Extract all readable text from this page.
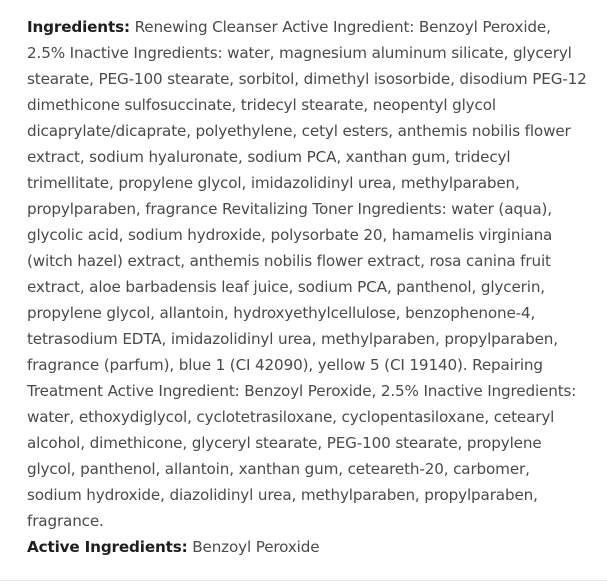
Ingredients: Renewing Cleanser Active Ingredient: Benzoyl Peroxide, 2.5% Inactive Ingredients: water, magnesium aluminum silicate, glyceryl stearate, PEG-100 stearate, sorbitol, dimethyl isosorbide, disodium PEG-12 dimethicone sulfosuccinate, tridecyl stearate, neopentyl glycol dicaprylate/dicaprate, polyethylene, cetyl esters, anthemis nobilis flower extract, sodium hyaluronate, sodium PCA, xanthan gum, tridecyl trimellitate, propylene glycol, imidazolidinyl urea, methylparaben, propylparaben, fragrance Revitalizing Toner Ingredients: water (aqua), glycolic acid, sodium hydroxide, polysorbate 20, hamamelis virginiana (witch hazel) extract, anthemis nobilis flower extract, rosa canina fruit extract, aloe barbadensis leaf juice, sodium PCA, panthenol, glycerin, propylene glycol, allantoin, hydroxyethylcellulose, benzophenone-4, tetrasodium EDTA, imidazolidinyl urea, methylparaben, propylparaben, fragrance (parfum), blue 1 (CI 42090), yellow 5 (CI 19140). Repairing Treatment Active Ingredient: Benzoyl Peroxide, 2.5% Inactive Ingredients: water, ethoxydiglycol, cyclotetrasiloxane, cyclopentasiloxane, cetearyl alcohol, dimethicone, glyceryl stearate, PEG-100 stearate, propylene glycol, panthenol, allantoin, xanthan gum, ceteareth-20, carbomer, sodium hydroxide, diazolidinyl urea, methylparaben, propylparaben, fragrance.

Active Ingredients: Benzoyl Peroxide
